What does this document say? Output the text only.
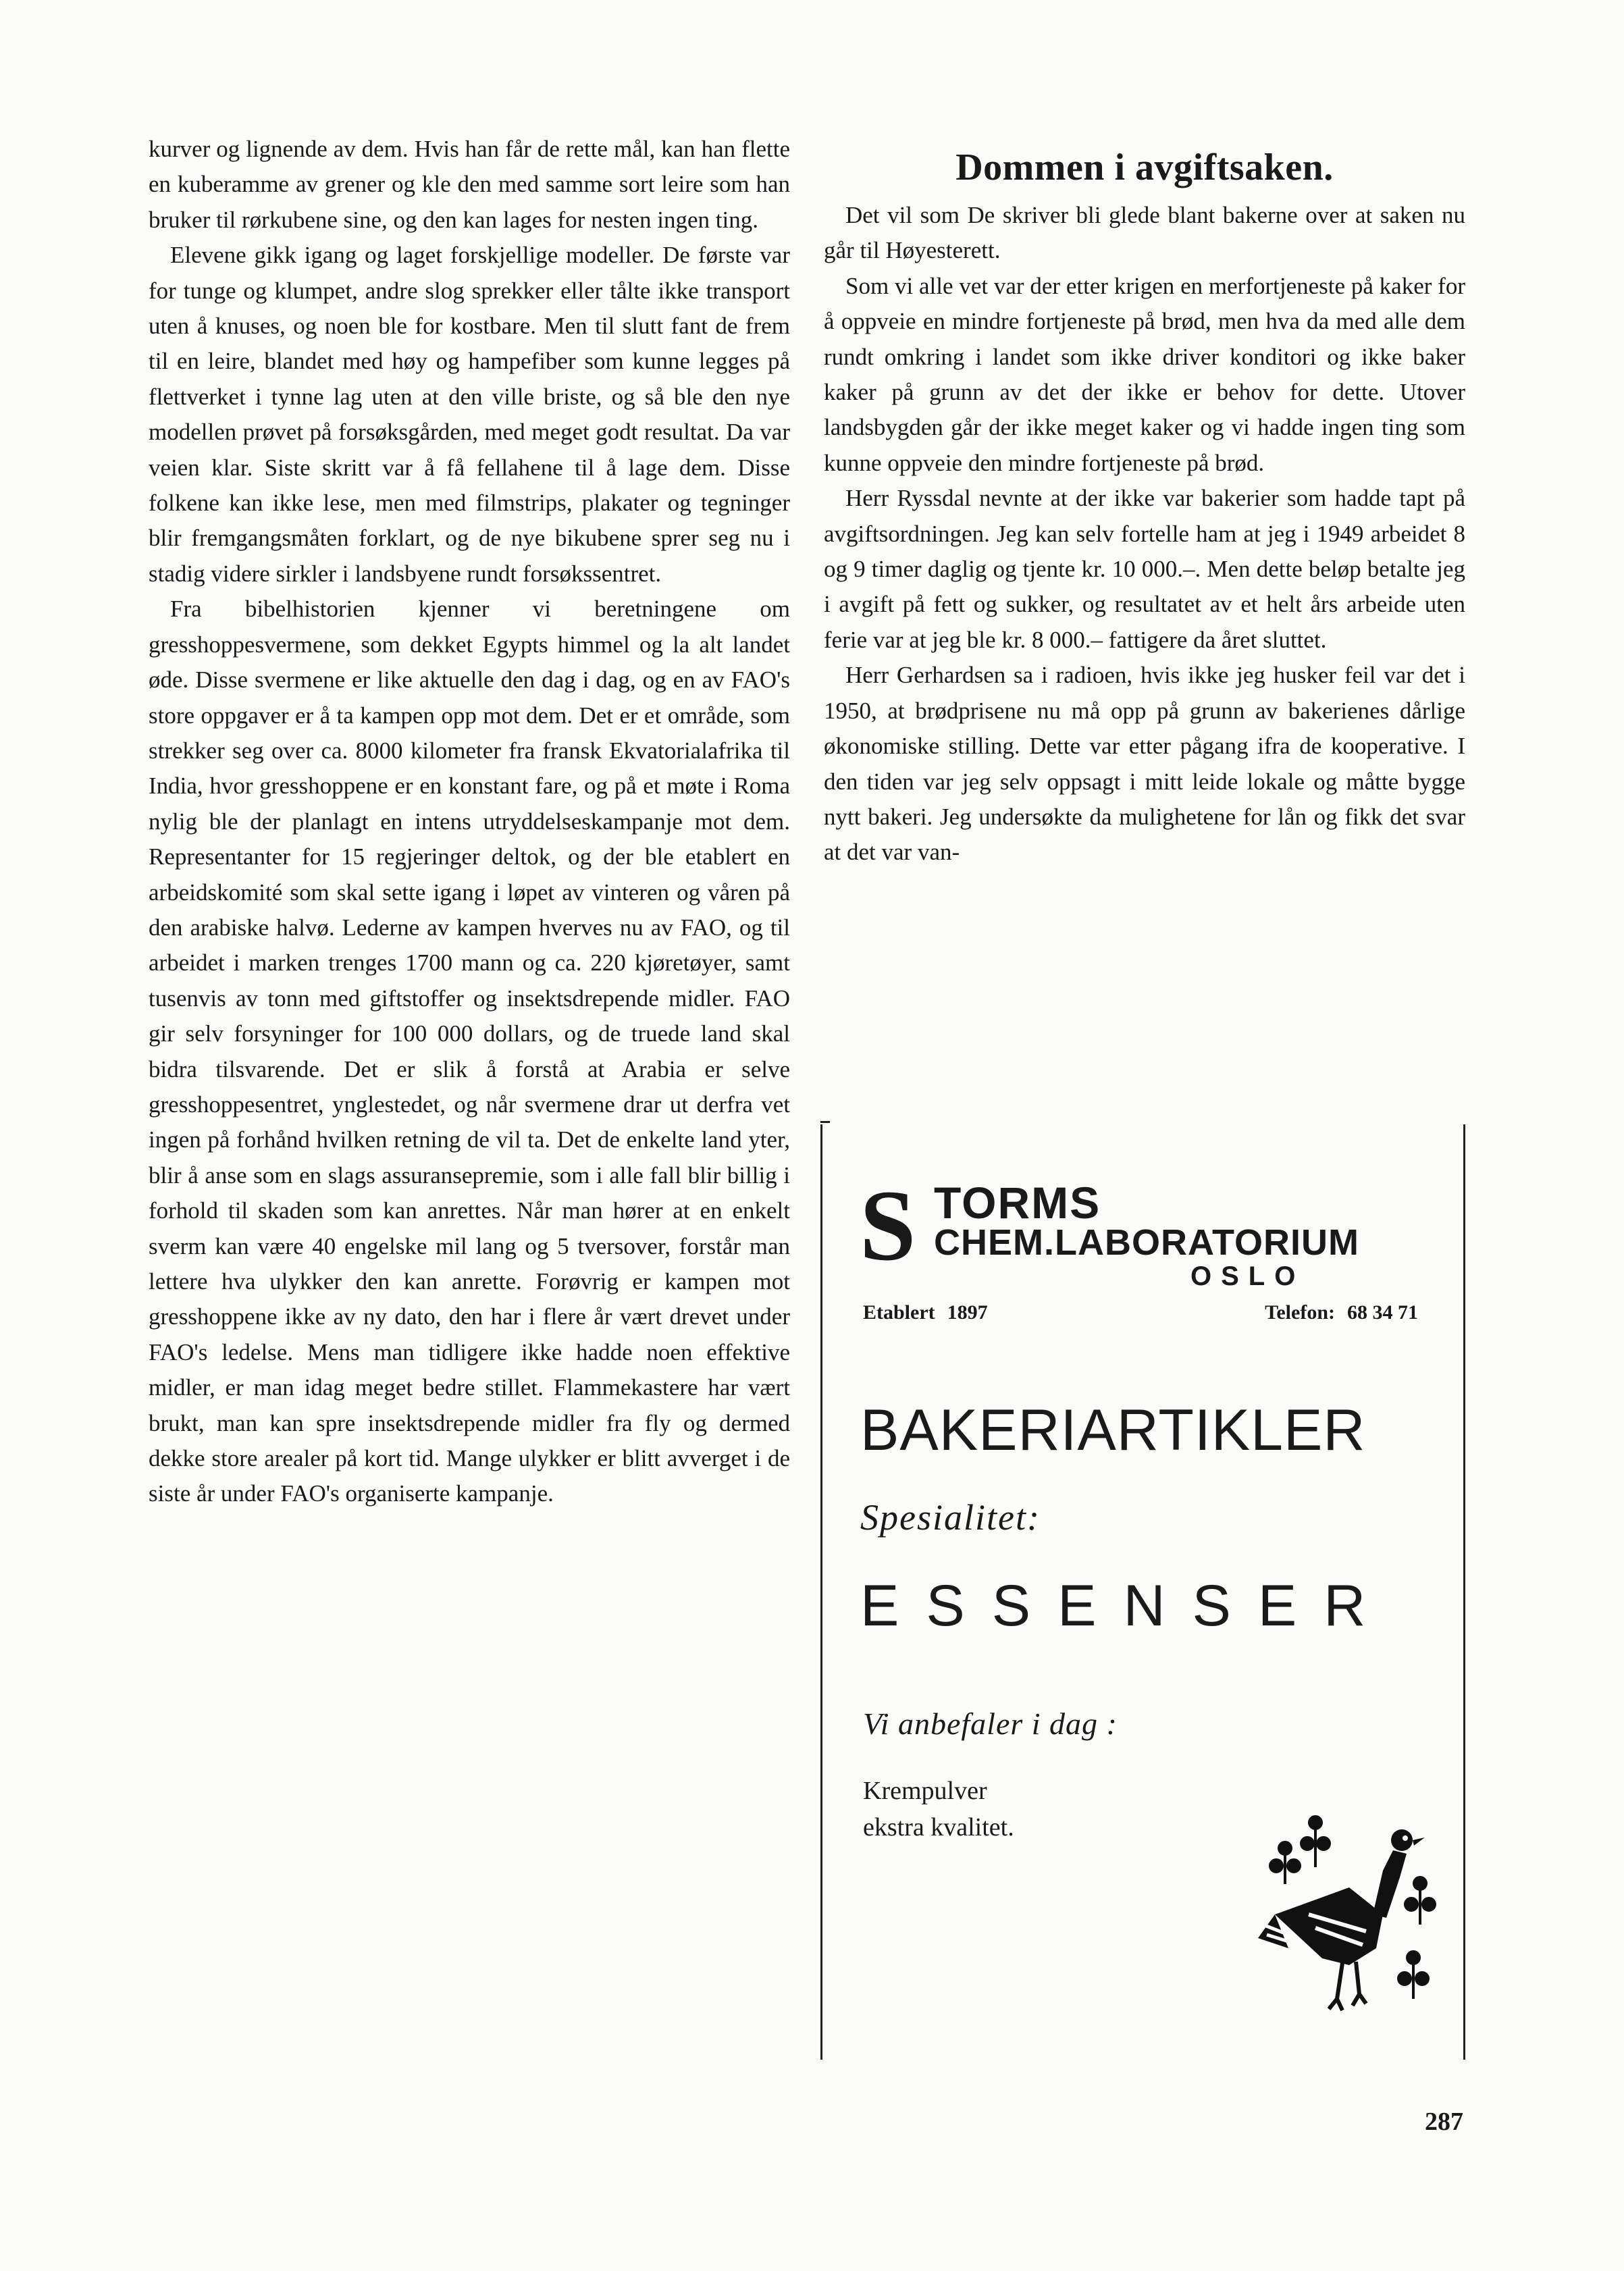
kurver og lignende av dem. Hvis han får de rette mål, kan han flette en kuberamme av grener og kle den med samme sort leire som han bruker til rørkubene sine, og den kan lages for nesten ingen ting.

Elevene gikk igang og laget forskjellige modeller. De første var for tunge og klumpet, andre slog sprekker eller tålte ikke transport uten å knuses, og noen ble for kostbare. Men til slutt fant de frem til en leire, blandet med høy og hampefiber som kunne legges på flettverket i tynne lag uten at den ville briste, og så ble den nye modellen prøvet på forsøksgården, med meget godt resultat. Da var veien klar. Siste skritt var å få fellahene til å lage dem. Disse folkene kan ikke lese, men med filmstrips, plakater og tegninger blir fremgangsmåten forklart, og de nye bikubene sprer seg nu i stadig videre sirkler i landsbyene rundt forsøkssentret.

Fra bibelhistorien kjenner vi beretningene om gresshoppesvermene, som dekket Egypts himmel og la alt landet øde. Disse svermene er like aktuelle den dag i dag, og en av FAO's store oppgaver er å ta kampen opp mot dem. Det er et område, som strekker seg over ca. 8000 kilometer fra fransk Ekvatorialafrika til India, hvor gresshoppene er en konstant fare, og på et møte i Roma nylig ble der planlagt en intens utryddelseskampanje mot dem. Representanter for 15 regjeringer deltok, og der ble etablert en arbeidskomité som skal sette igang i løpet av vinteren og våren på den arabiske halvø. Lederne av kampen hverves nu av FAO, og til arbeidet i marken trenges 1700 mann og ca. 220 kjøretøyer, samt tusenvis av tonn med giftstoffer og insektsdrepende midler. FAO gir selv forsyninger for 100 000 dollars, og de truede land skal bidra tilsvarende. Det er slik å forstå at Arabia er selve gresshoppesentret, ynglestedet, og når svermene drar ut derfra vet ingen på forhånd hvilken retning de vil ta. Det de enkelte land yter, blir å anse som en slags assuransepremie, som i alle fall blir billig i forhold til skaden som kan anrettes. Når man hører at en enkelt sverm kan være 40 engelske mil lang og 5 tversover, forstår man lettere hva ulykker den kan anrette. Forøvrig er kampen mot gresshoppene ikke av ny dato, den har i flere år vært drevet under FAO's ledelse. Mens man tidligere ikke hadde noen effektive midler, er man idag meget bedre stillet. Flammekastere har vært brukt, man kan spre insektsdrepende midler fra fly og dermed dekke store arealer på kort tid. Mange ulykker er blitt avverget i de siste år under FAO's organiserte kampanje.

Dommen i avgiftsaken.

Det vil som De skriver bli glede blant bakerne over at saken nu går til Høyesterett.

Som vi alle vet var der etter krigen en merfortjeneste på kaker for å oppveie en mindre fortjeneste på brød, men hva da med alle dem rundt omkring i landet som ikke driver konditori og ikke baker kaker på grunn av det der ikke er behov for dette. Utover landsbygden går der ikke meget kaker og vi hadde ingen ting som kunne oppveie den mindre fortjeneste på brød.

Herr Ryssdal nevnte at der ikke var bakerier som hadde tapt på avgiftsordningen. Jeg kan selv fortelle ham at jeg i 1949 arbeidet 8 og 9 timer daglig og tjente kr. 10 000.–. Men dette beløp betalte jeg i avgift på fett og sukker, og resultatet av et helt års arbeide uten ferie var at jeg ble kr. 8 000.– fattigere da året sluttet.

Herr Gerhardsen sa i radioen, hvis ikke jeg husker feil var det i 1950, at brødprisene nu må opp på grunn av bakerienes dårlige økonomiske stilling. Dette var etter pågang ifra de kooperative. I den tiden var jeg selv oppsagt i mitt leide lokale og måtte bygge nytt bakeri. Jeg undersøkte da mulighetene for lån og fikk det svar at det var van-

S TORMS
CHEM.LABORATORIUM
OSLO
Etablert 1897	Telefon: 68 34 71
BAKERIARTIKLER
Spesialitet:
ESSENSER
Vi anbefaler i dag :
Krempulver
ekstra kvalitet.
287
